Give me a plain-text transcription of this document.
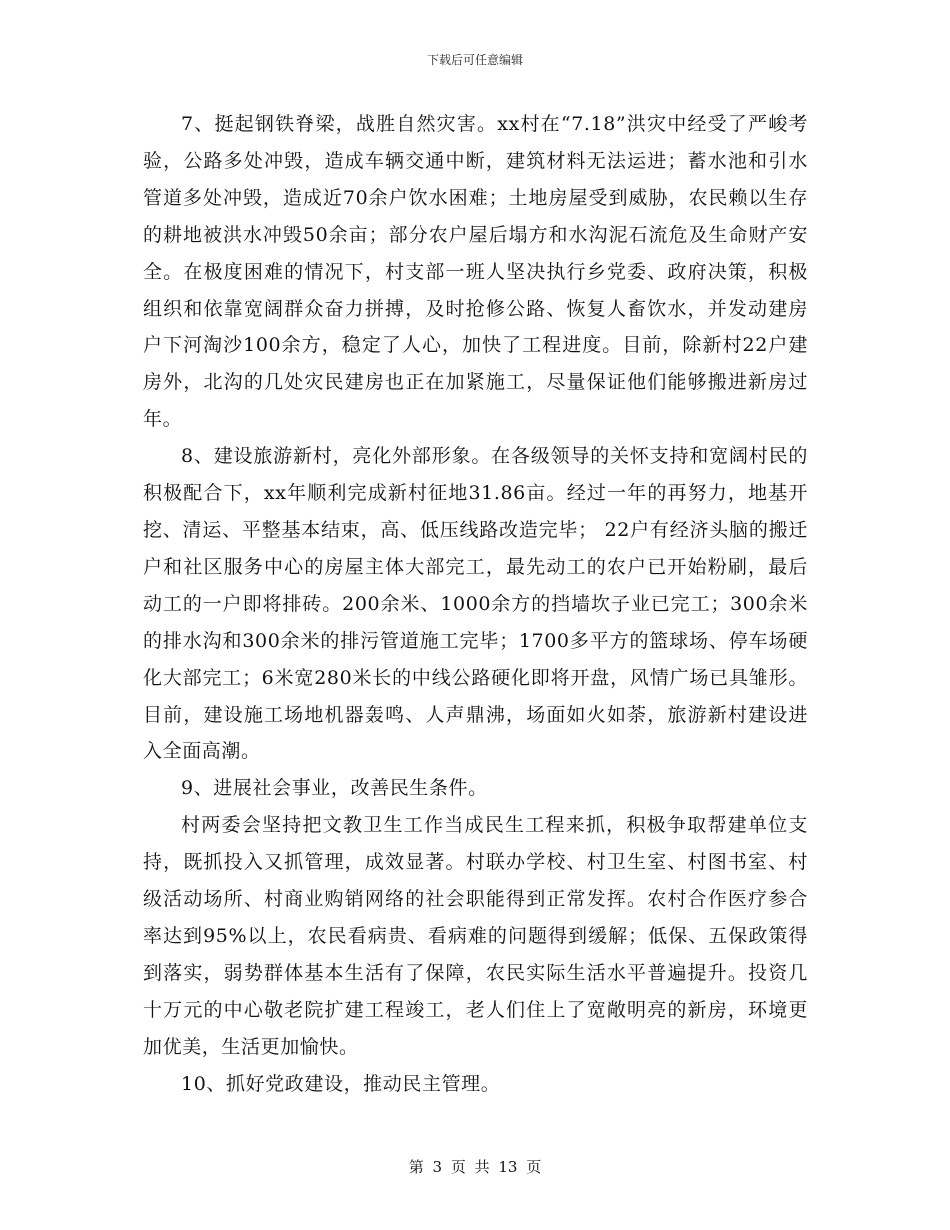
下载后可任意编辑

7、挺起钢铁脊梁，战胜自然灾害。xx村在“7.18”洪灾中经受了严峻考验，公路多处冲毁，造成车辆交通中断，建筑材料无法运进；蓄水池和引水管道多处冲毁，造成近70余户饮水困难；土地房屋受到威胁，农民赖以生存的耕地被洪水冲毁50余亩；部分农户屋后塌方和水沟泥石流危及生命财产安全。在极度困难的情况下，村支部一班人坚决执行乡党委、政府决策，积极组织和依靠宽阔群众奋力拼搏，及时抢修公路、恢复人畜饮水，并发动建房户下河淘沙100余方，稳定了人心，加快了工程进度。目前，除新村22户建房外，北沟的几处灾民建房也正在加紧施工，尽量保证他们能够搬进新房过年。

8、建设旅游新村，亮化外部形象。在各级领导的关怀支持和宽阔村民的积极配合下，xx年顺利完成新村征地31.86亩。经过一年的再努力，地基开挖、清运、平整基本结束，高、低压线路改造完毕； 22户有经济头脑的搬迁户和社区服务中心的房屋主体大部完工，最先动工的农户已开始粉刷，最后动工的一户即将排砖。200余米、1000余方的挡墙坎子业已完工；300余米的排水沟和300余米的排污管道施工完毕；1700多平方的篮球场、停车场硬化大部完工；6米宽280米长的中线公路硬化即将开盘，风情广场已具雏形。目前，建设施工场地机器轰鸣、人声鼎沸，场面如火如荼，旅游新村建设进入全面高潮。

9、进展社会事业，改善民生条件。

村两委会坚持把文教卫生工作当成民生工程来抓，积极争取帮建单位支持，既抓投入又抓管理，成效显著。村联办学校、村卫生室、村图书室、村级活动场所、村商业购销网络的社会职能得到正常发挥。农村合作医疗参合率达到95%以上，农民看病贵、看病难的问题得到缓解；低保、五保政策得到落实，弱势群体基本生活有了保障，农民实际生活水平普遍提升。投资几十万元的中心敬老院扩建工程竣工，老人们住上了宽敞明亮的新房，环境更加优美，生活更加愉快。

10、抓好党政建设，推动民主管理。

第 3 页 共 13 页
